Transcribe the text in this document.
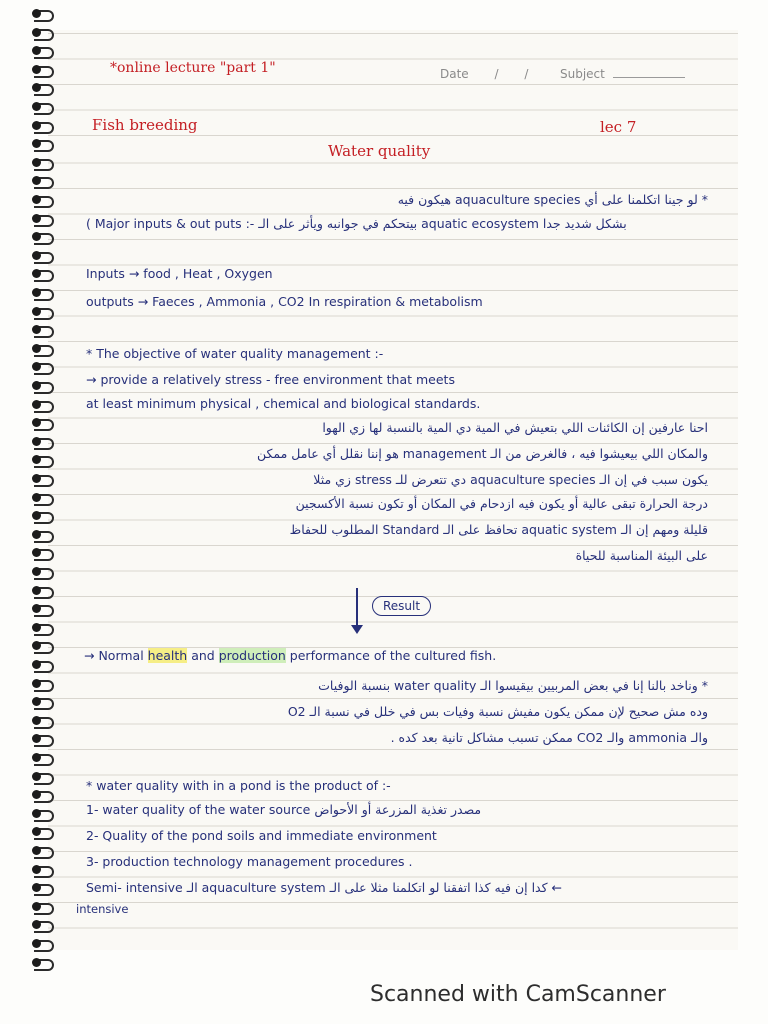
*online lecture "part 1"	Date / /	Subject
Fish breeding	lec 7
Water quality
* لو جينا اتكلمنا على أي aquaculture species هيكون فيه
( Major inputs & out puts :- بيتحكم في جوانبه ويأثر على الـ aquatic ecosystem بشكل شديد جدا
Inputs → food , Heat , Oxygen
outputs → Faeces , Ammonia , CO2 In respiration & metabolism
* The objective of water quality management :-
→ provide a relatively stress - free environment that meets
at least minimum physical , chemical and biological standards.
احنا عارفين إن الكائنات اللي بتعيش في المية دي المية بالنسبة لها زي الهوا
والمكان اللي بيعيشوا فيه ، فالغرض من الـ management هو إننا نقلل أي عامل ممكن
يكون سبب في إن الـ aquaculture species دي تتعرض للـ stress زي مثلا
درجة الحرارة تبقى عالية أو يكون فيه ازدحام في المكان أو تكون نسبة الأكسجين
قليلة ومهم إن الـ aquatic system تحافظ على الـ Standard المطلوب للحفاظ
على البيئة المناسبة للحياة
Result
→ Normal health and production performance of the cultured fish.
* وناخد بالنا إنا في بعض المربيين بيقيسوا الـ water quality بنسبة الوفيات
وده مش صحيح لإن ممكن يكون مفيش نسبة وفيات بس في خلل في نسبة الـ O2
والـ ammonia والـ CO2 ممكن تسبب مشاكل تانية بعد كده .
* water quality with in a pond is the product of :-
1- water quality of the water source مصدر تغذية المزرعة أو الأحواض
2- Quality of the pond soils and immediate environment
3- production technology management procedures .
Semi- intensive الـ aquaculture system كدا إن فيه كذا اتفقنا لو اتكلمنا مثلا على الـ ←
intensive
Scanned with CamScanner
